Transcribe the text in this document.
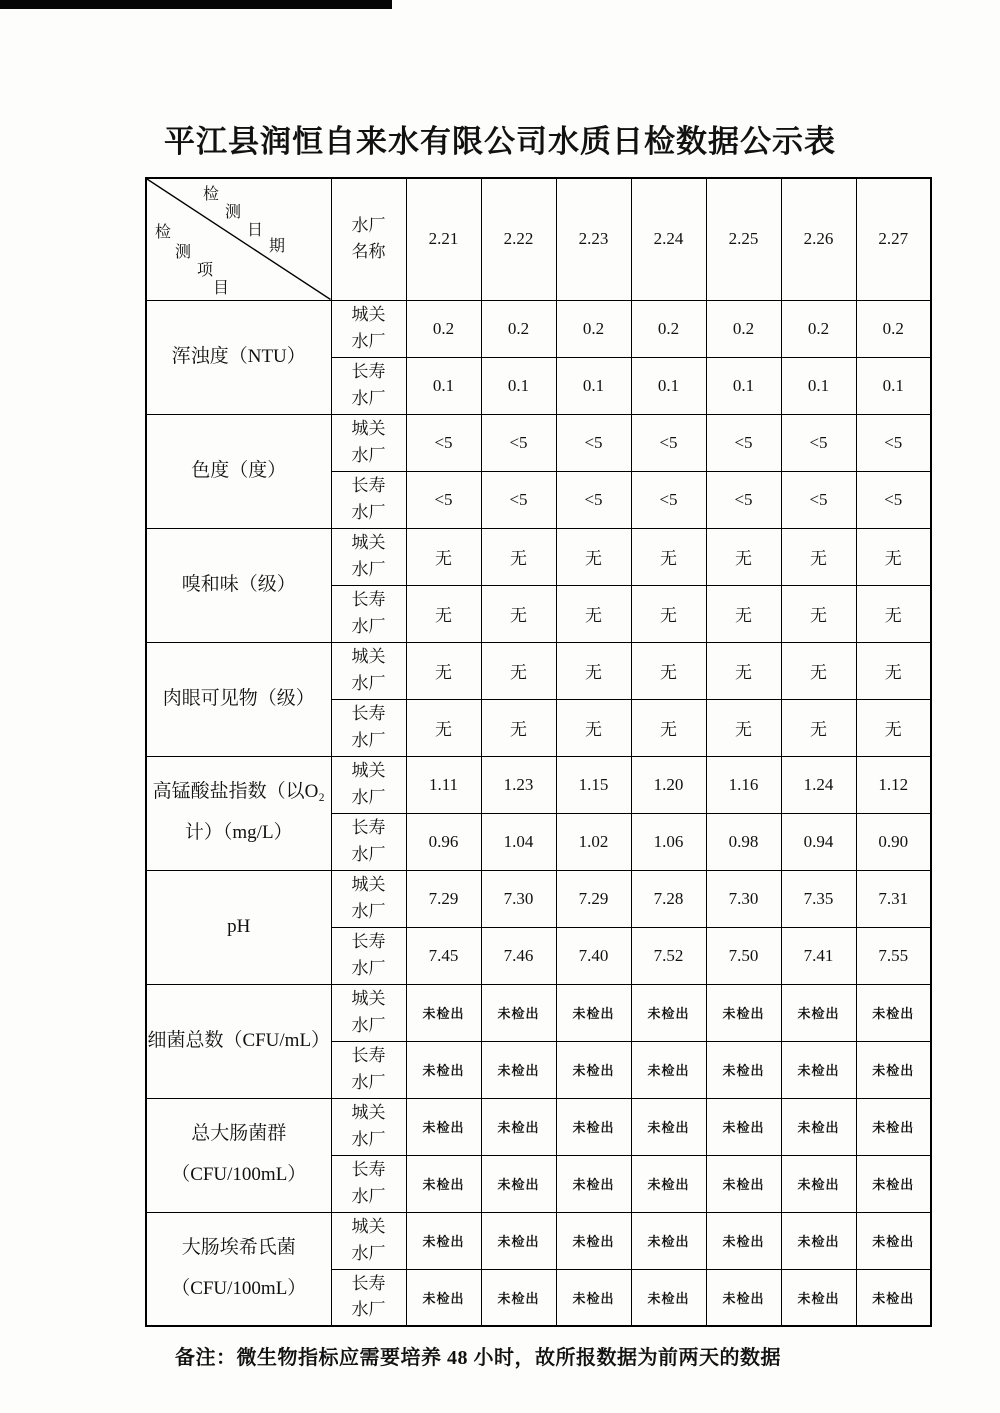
平江县润恒自来水有限公司水质日检数据公示表
检
测
日
期
检
测
项
目
	水厂名称	2.21	2.22	2.23	2.24	2.25	2.26	2.27
浑浊度（NTU）	城关水厂	0.2	0.2	0.2	0.2	0.2	0.2	0.2
	长寿水厂	0.1	0.1	0.1	0.1	0.1	0.1	0.1
色度（度）	城关水厂	<5	<5	<5	<5	<5	<5	<5
	长寿水厂	<5	<5	<5	<5	<5	<5	<5
嗅和味（级）	城关水厂	无	无	无	无	无	无	无
	长寿水厂	无	无	无	无	无	无	无
肉眼可见物（级）	城关水厂	无	无	无	无	无	无	无
	长寿水厂	无	无	无	无	无	无	无
高锰酸盐指数（以O₂计）（mg/L）	城关水厂	1.11	1.23	1.15	1.20	1.16	1.24	1.12
	长寿水厂	0.96	1.04	1.02	1.06	0.98	0.94	0.90
pH	城关水厂	7.29	7.30	7.29	7.28	7.30	7.35	7.31
	长寿水厂	7.45	7.46	7.40	7.52	7.50	7.41	7.55
细菌总数（CFU/mL）	城关水厂	未检出	未检出	未检出	未检出	未检出	未检出	未检出
	长寿水厂	未检出	未检出	未检出	未检出	未检出	未检出	未检出
总大肠菌群（CFU/100mL）	城关水厂	未检出	未检出	未检出	未检出	未检出	未检出	未检出
	长寿水厂	未检出	未检出	未检出	未检出	未检出	未检出	未检出
大肠埃希氏菌（CFU/100mL）	城关水厂	未检出	未检出	未检出	未检出	未检出	未检出	未检出
	长寿水厂	未检出	未检出	未检出	未检出	未检出	未检出	未检出

备注：微生物指标应需要培养 48 小时，故所报数据为前两天的数据
